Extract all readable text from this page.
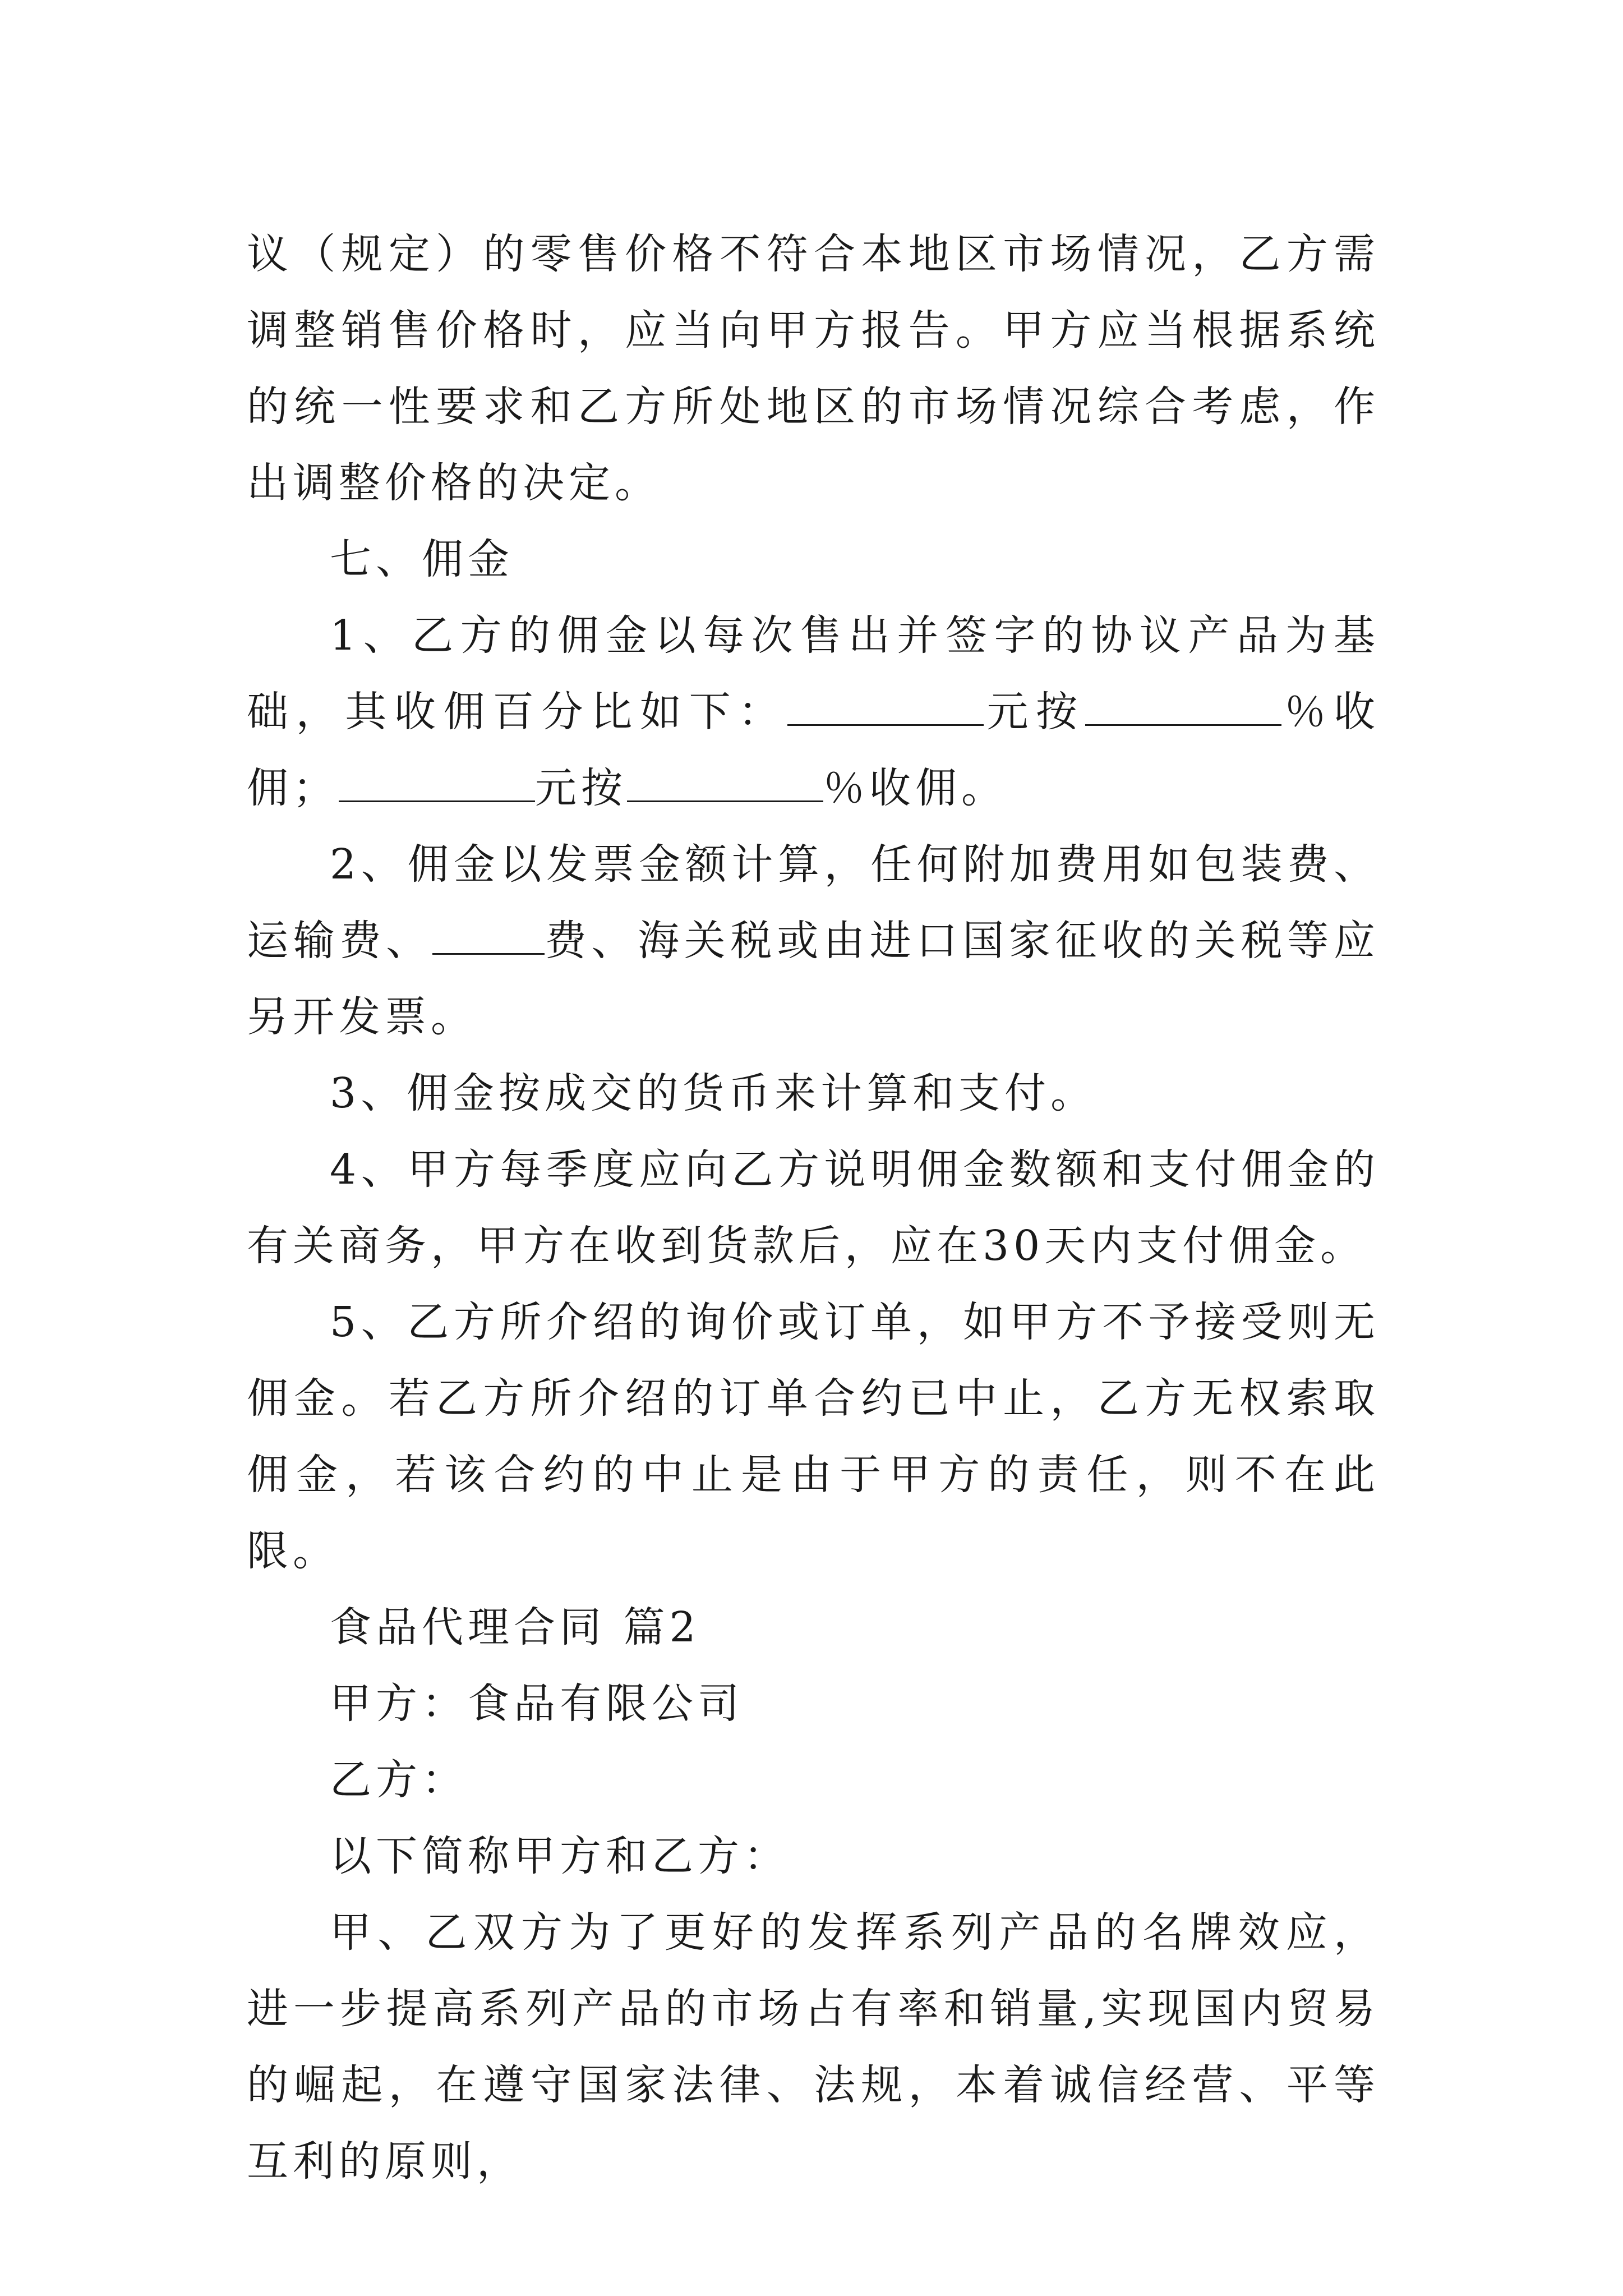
议（规定）的零售价格不符合本地区市场情况，乙方需调整销售价格时，应当向甲方报告。甲方应当根据系统的统一性要求和乙方所处地区的市场情况综合考虑，作出调整价格的决定。

七、佣金

1、乙方的佣金以每次售出并签字的协议产品为基础，其收佣百分比如下：	元按	％收佣；	元按	％收佣。

2、佣金以发票金额计算，任何附加费用如包装费、运输费、	费、海关税或由进口国家征收的关税等应另开发票。

3、佣金按成交的货币来计算和支付。

4、甲方每季度应向乙方说明佣金数额和支付佣金的有关商务，甲方在收到货款后，应在30天内支付佣金。

5、乙方所介绍的询价或订单，如甲方不予接受则无佣金。若乙方所介绍的订单合约已中止，乙方无权索取佣金，若该合约的中止是由于甲方的责任，则不在此限。

食品代理合同 篇2

甲方：食品有限公司

乙方：

以下简称甲方和乙方：

甲、乙双方为了更好的发挥系列产品的名牌效应，进一步提高系列产品的市场占有率和销量,实现国内贸易的崛起，在遵守国家法律、法规，本着诚信经营、平等互利的原则，
